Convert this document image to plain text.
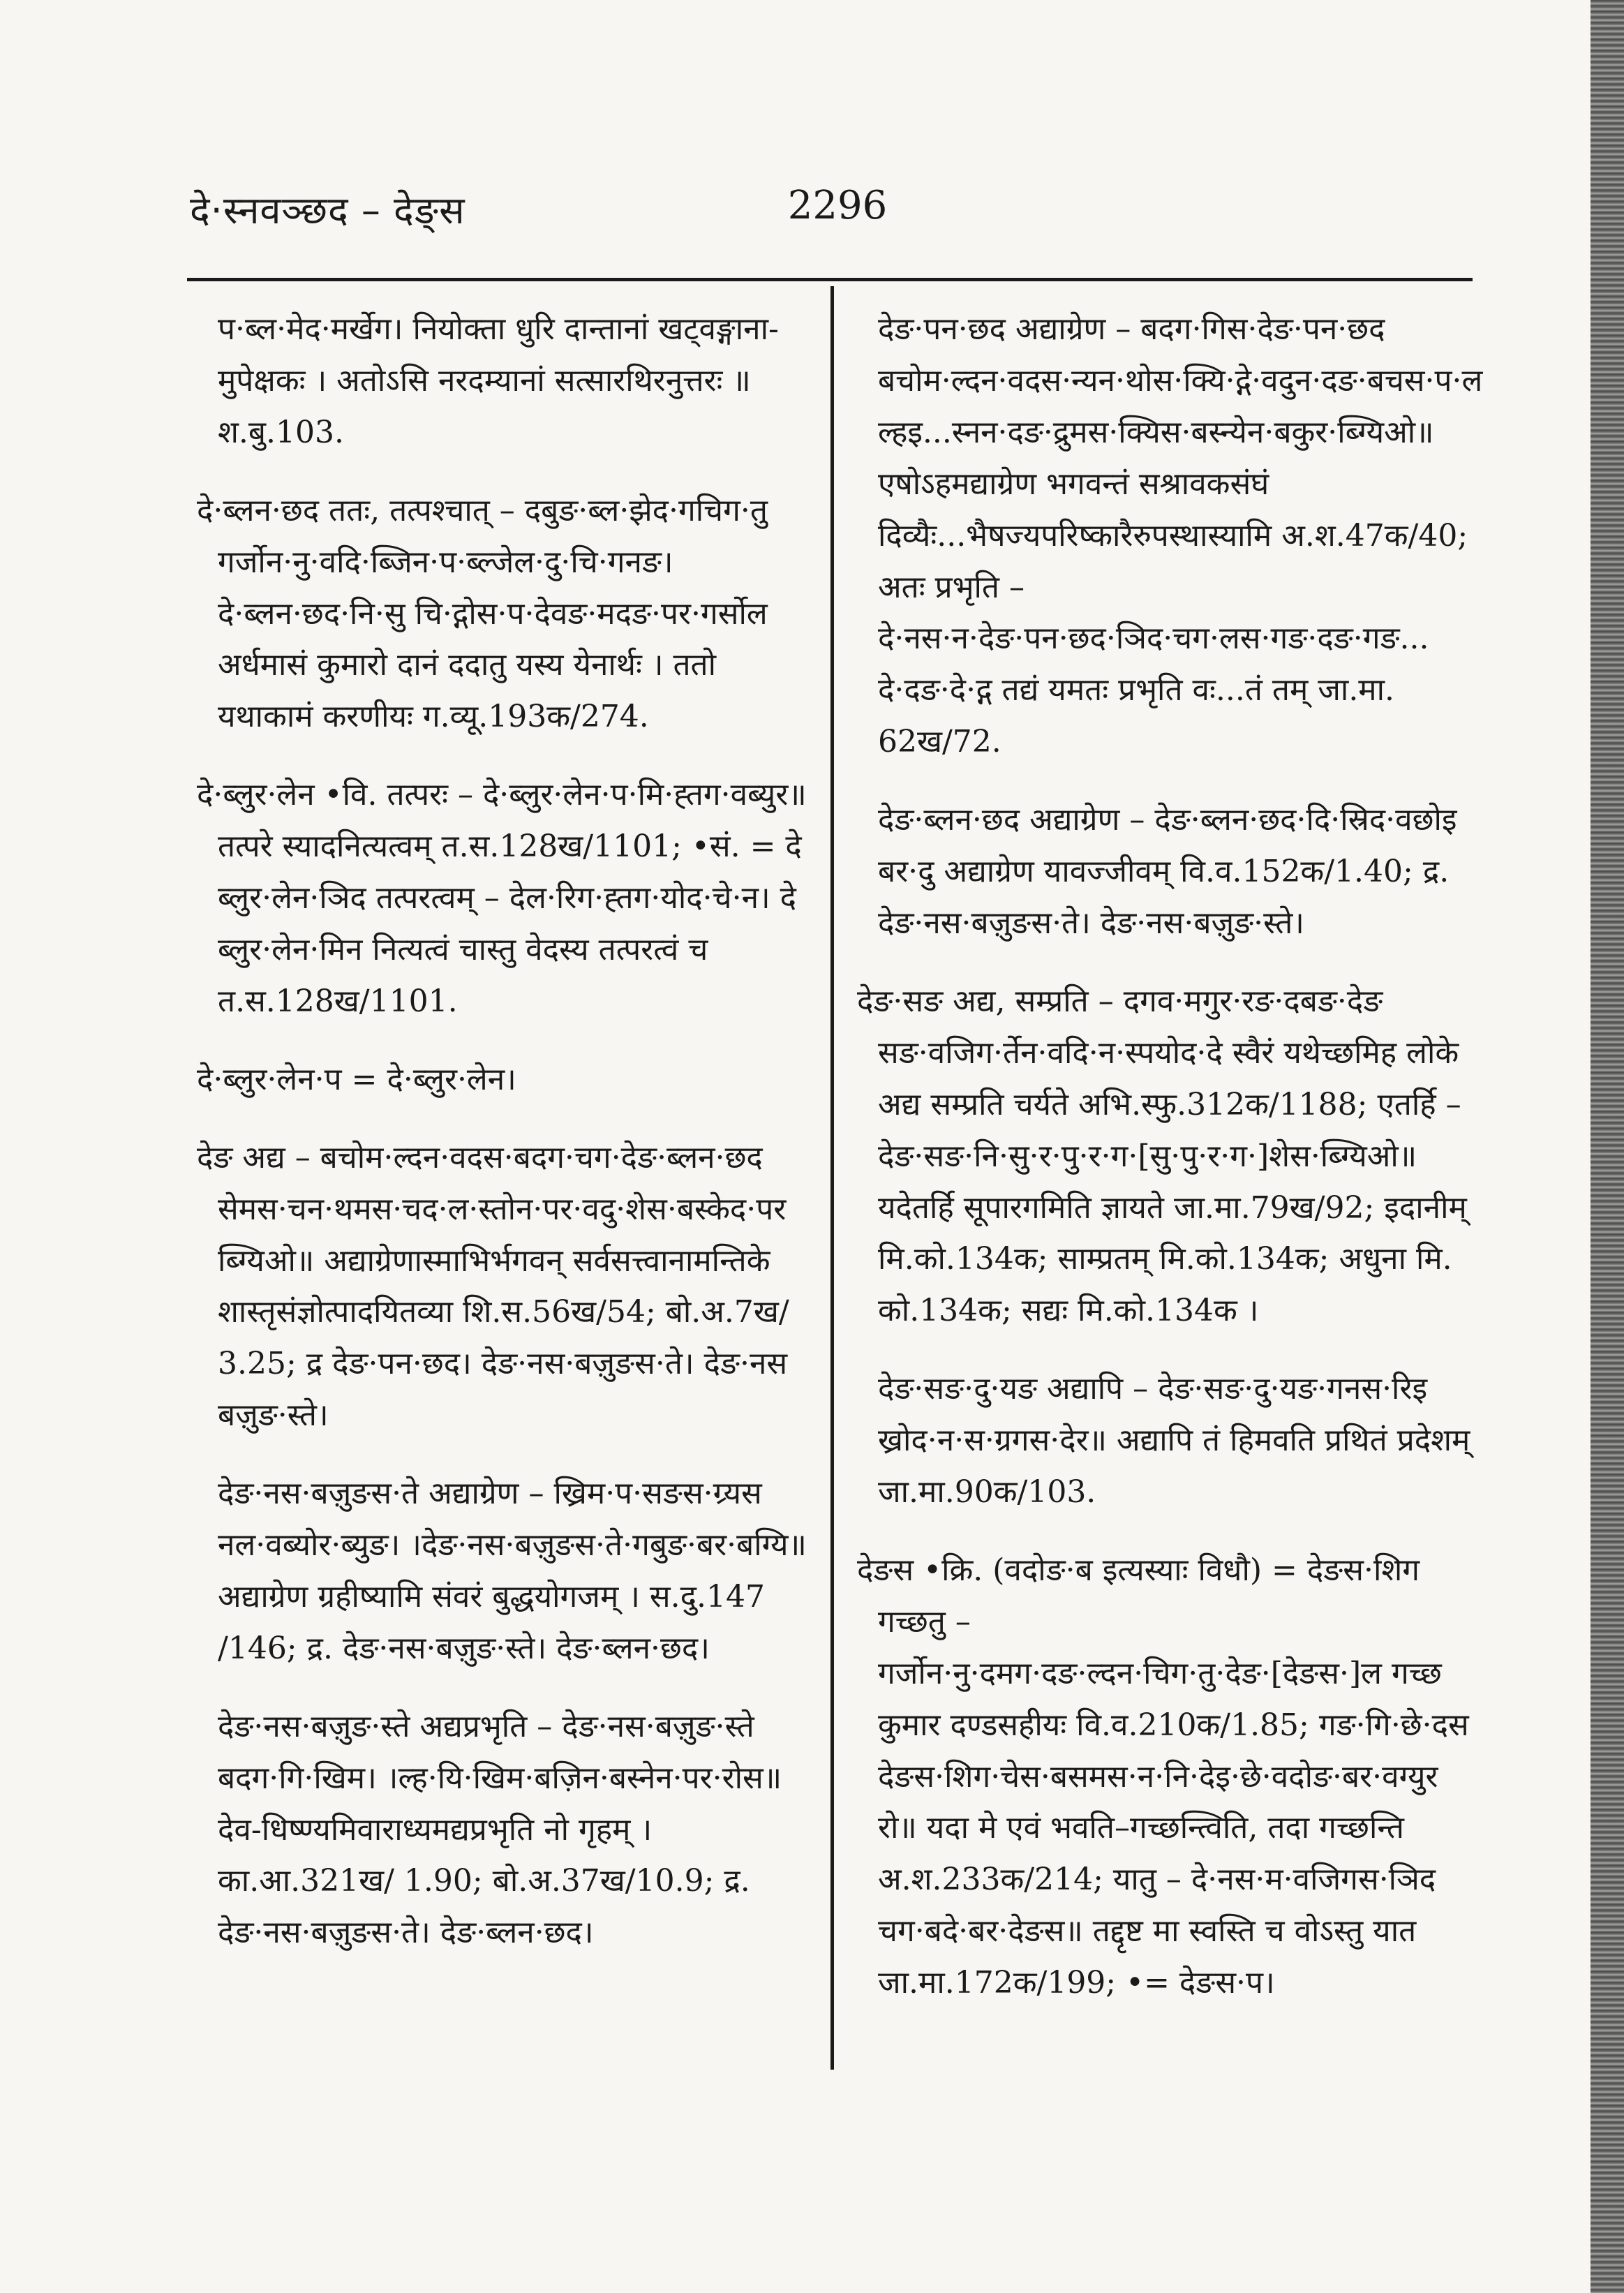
दे·स्नवञ्छद – देङ्स	2296

प·ब्ल·मेद·मर्खेग। नियोक्ता धुरि दान्तानां खट्वङ्गाना-मुपेक्षकः । अतोऽसि नरदम्यानां सत्सारथिरनुत्तरः ॥ श.बु.103.

दे·ब्लन·छद ततः, तत्पश्चात् – दबुङ·ब्ल·झेद·गचिग·तु गर्जोन·नु·वदि·ब्जिन·प·ब्ल्जेल·दु·चि·गनङ। दे·ब्लन·छद·नि·सु चि·द्गोस·प·देवङ·मदङ·पर·गर्सोल अर्धमासं कुमारो दानं ददातु यस्य येनार्थः । ततो यथाकामं करणीयः ग.व्यू.193क/274.

दे·ब्लुर·लेन •वि. तत्परः – दे·ब्लुर·लेन·प·मि·ह्तग·वब्युर॥ तत्परे स्यादनित्यत्वम् त.स.128ख/1101; •सं. = दे ब्लुर·लेन·ञिद तत्परत्वम् – देल·रिग·ह्तग·योद·चे·न। दे ब्लुर·लेन·मिन नित्यत्वं चास्तु वेदस्य तत्परत्वं च त.स.128ख/1101.

दे·ब्लुर·लेन·प = दे·ब्लुर·लेन।

देङ अद्य – बचोम·ल्दन·वदस·बदग·चग·देङ·ब्लन·छद सेमस·चन·थमस·चद·ल·स्तोन·पर·वदु·शेस·बस्केद·पर ब्ग्यिओ॥ अद्याग्रेणास्माभिर्भगवन् सर्वसत्त्वानामन्तिके शास्तृसंज्ञोत्पादयितव्या शि.स.56ख/54; बो.अ.7ख/ 3.25; द्र देङ·पन·छद। देङ·नस·बज़ुङस·ते। देङ·नस बज़ुङ·स्ते।

देङ·नस·बज़ुङस·ते अद्याग्रेण – ख्रिम·प·सङस·ग्र्यस नल·वब्योर·ब्युङ। ।देङ·नस·बज़ुङस·ते·गबुङ·बर·बग्यि॥ अद्याग्रेण ग्रहीष्यामि संवरं बुद्धयोगजम् । स.दु.147 /146; द्र. देङ·नस·बज़ुङ·स्ते। देङ·ब्लन·छद।

देङ·नस·बज़ुङ·स्ते अद्यप्रभृति – देङ·नस·बज़ुङ·स्ते बदग·गि·खिम। ।ल्ह·यि·खिम·बज़िन·बस्नेन·पर·रोस॥ देव-धिष्ण्यमिवाराध्यमद्यप्रभृति नो गृहम् । का.आ.321ख/ 1.90; बो.अ.37ख/10.9; द्र. देङ·नस·बज़ुङस·ते। देङ·ब्लन·छद।

देङ·पन·छद अद्याग्रेण – बदग·गिस·देङ·पन·छद बचोम·ल्दन·वदस·न्यन·थोस·क्यि·द्गे·वदुन·दङ·बचस·प·ल ल्हइ...स्नन·दङ·द्रुमस·क्यिस·बस्न्येन·बकुर·ब्ग्यिओ॥ एषोऽहमद्याग्रेण भगवन्तं सश्रावकसंघं दिव्यैः...भैषज्यपरिष्कारैरुपस्थास्यामि अ.श.47क/40; अतः प्रभृति – दे·नस·न·देङ·पन·छद·ञिद·चग·लस·गङ·दङ·गङ... दे·दङ·दे·द्ग तद्यं यमतः प्रभृति वः...तं तम् जा.मा. 62ख/72.

देङ·ब्लन·छद अद्याग्रेण – देङ·ब्लन·छद·दि·स्रिद·वछोइ बर·दु अद्याग्रेण यावज्जीवम् वि.व.152क/1.40; द्र. देङ·नस·बज़ुङस·ते। देङ·नस·बज़ुङ·स्ते।

देङ·सङ अद्य, सम्प्रति – दगव·मगुर·रङ·दबङ·देङ सङ·वजिग·र्तेन·वदि·न·स्पयोद·दे स्वैरं यथेच्छमिह लोके अद्य सम्प्रति चर्यते अभि.स्फु.312क/1188; एतर्हि – देङ·सङ·नि·सु·र·पु·र·ग·[सु·पु·र·ग·]शेस·ब्ग्यिओ॥ यदेतर्हि सूपारगमिति ज्ञायते जा.मा.79ख/92; इदानीम् मि.को.134क; साम्प्रतम् मि.को.134क; अधुना मि. को.134क; सद्यः मि.को.134क ।

देङ·सङ·दु·यङ अद्यापि – देङ·सङ·दु·यङ·गनस·रिइ ख्रोद·न·स·ग्रगस·देर॥ अद्यापि तं हिमवति प्रथितं प्रदेशम् जा.मा.90क/103.

देङस •क्रि. (वदोङ·ब इत्यस्याः विधौ) = देङस·शिग गच्छतु – गर्जोन·नु·दमग·दङ·ल्दन·चिग·तु·देङ·[देङस·]ल गच्छ कुमार दण्डसहीयः वि.व.210क/1.85; गङ·गि·छे·दस देङस·शिग·चेस·बसमस·न·नि·देइ·छे·वदोङ·बर·वग्युर रो॥ यदा मे एवं भवति–गच्छन्त्विति, तदा गच्छन्ति अ.श.233क/214; यातु – दे·नस·म·वजिगस·ञिद चग·बदे·बर·देङस॥ तद्दृष्ट मा स्वस्ति च वोऽस्तु यात जा.मा.172क/199; •= देङस·प।
